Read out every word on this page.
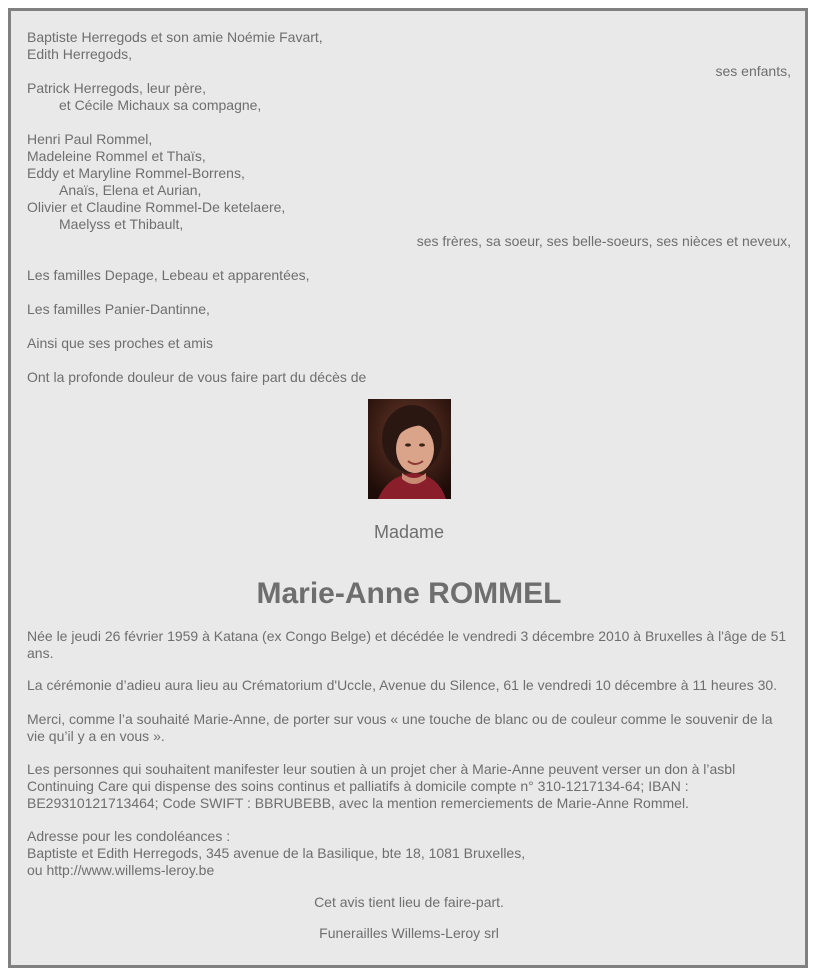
Baptiste Herregods et son amie Noémie Favart,
Edith Herregods,
ses enfants,
Patrick Herregods, leur père,
et Cécile Michaux sa compagne,
Henri Paul Rommel,
Madeleine Rommel et Thaïs,
Eddy et Maryline Rommel-Borrens,
Anaïs, Elena et Aurian,
Olivier et Claudine Rommel-De ketelaere,
Maelyss et Thibault,
ses frères, sa soeur, ses belle-soeurs, ses nièces et neveux,
Les familles Depage, Lebeau et apparentées,
Les familles Panier-Dantinne,
Ainsi que ses proches et amis
Ont la profonde douleur de vous faire part du décès de
Madame
Marie-Anne ROMMEL

Née le jeudi 26 février 1959 à Katana (ex Congo Belge) et décédée le vendredi 3 décembre 2010 à Bruxelles à l'âge de 51 ans.

La cérémonie d’adieu aura lieu au Crématorium d'Uccle, Avenue du Silence, 61 le vendredi 10 décembre à 11 heures 30.

Merci, comme l’a souhaité Marie-Anne, de porter sur vous « une touche de blanc ou de couleur comme le souvenir de la vie qu’il y a en vous ».

Les personnes qui souhaitent manifester leur soutien à un projet cher à Marie-Anne peuvent verser un don à l’asbl Continuing Care qui dispense des soins continus et palliatifs à domicile compte n° 310-1217134-64; IBAN : BE29310121713464; Code SWIFT : BBRUBEBB, avec la mention remerciements de Marie-Anne Rommel.

Adresse pour les condoléances :
Baptiste et Edith Herregods, 345 avenue de la Basilique, bte 18, 1081 Bruxelles,
ou http://www.willems-leroy.be
Cet avis tient lieu de faire-part.
Funerailles Willems-Leroy srl
